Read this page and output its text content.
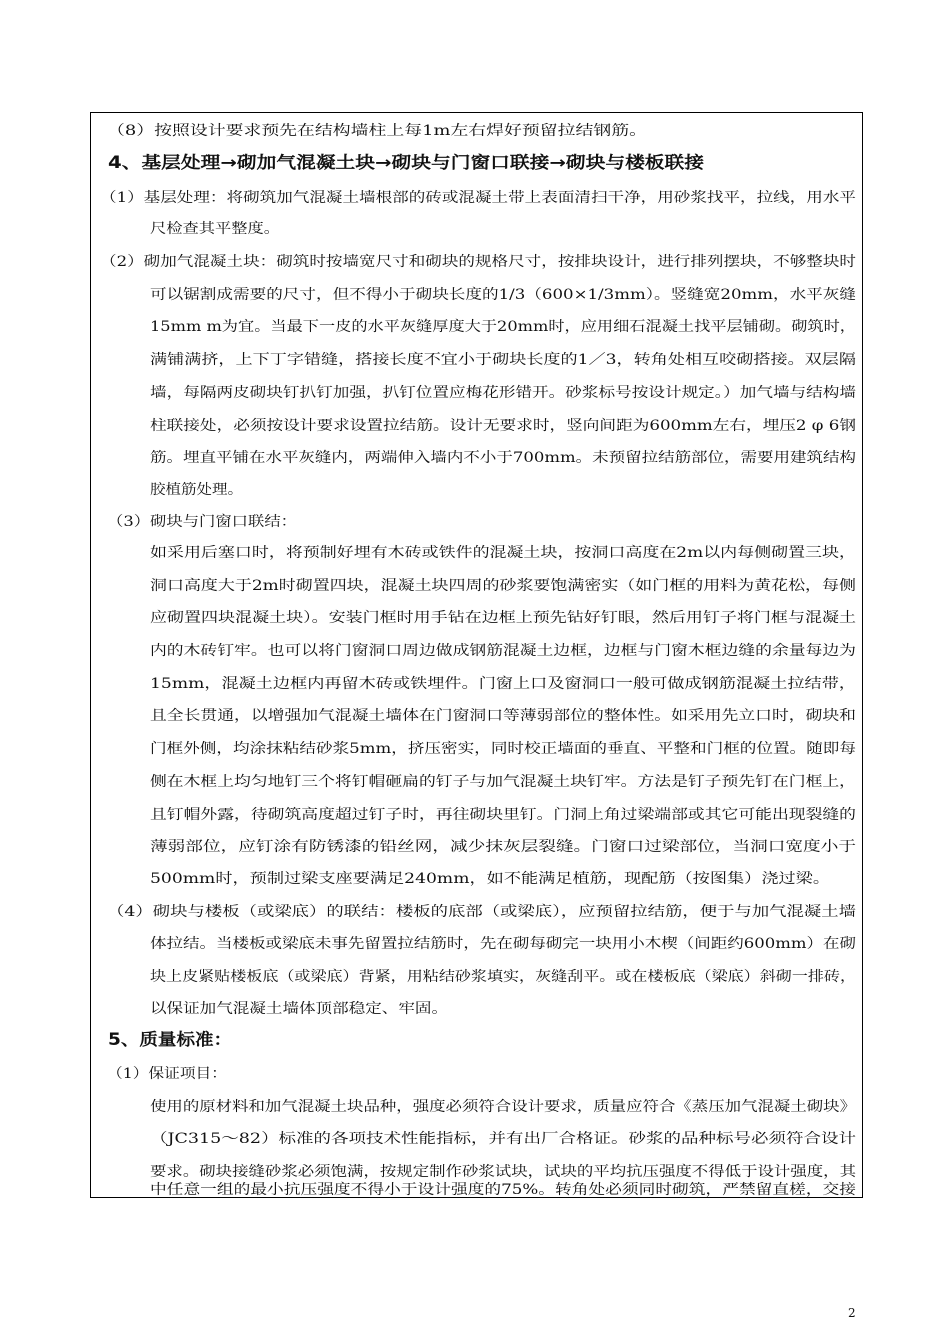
（8）按照设计要求预先在结构墙柱上每1m左右焊好预留拉结钢筋。
4、基层处理→砌加气混凝土块→砌块与门窗口联接→砌块与楼板联接
（1）基层处理：将砌筑加气混凝土墙根部的砖或混凝土带上表面清扫干净，用砂浆找平，拉线，用水平
尺检查其平整度。
（2）砌加气混凝土块：砌筑时按墙宽尺寸和砌块的规格尺寸，按排块设计，进行排列摆块，不够整块时
可以锯割成需要的尺寸，但不得小于砌块长度的1/3（600×1/3mm）。竖缝宽20mm，水平灰缝
15mm m为宜。当最下一皮的水平灰缝厚度大于20mm时，应用细石混凝土找平层铺砌。砌筑时，
满铺满挤，上下丁字错缝，搭接长度不宜小于砌块长度的1／3，转角处相互咬砌搭接。双层隔
墙，每隔两皮砌块钉扒钉加强，扒钉位置应梅花形错开。砂浆标号按设计规定。）加气墙与结构墙
柱联接处，必须按设计要求设置拉结筋。设计无要求时，竖向间距为600mm左右，埋压2 φ 6钢
筋。埋直平铺在水平灰缝内，两端伸入墙内不小于700mm。未预留拉结筋部位，需要用建筑结构
胶植筋处理。
（3）砌块与门窗口联结：
如采用后塞口时，将预制好埋有木砖或铁件的混凝土块，按洞口高度在2m以内每侧砌置三块，
洞口高度大于2m时砌置四块，混凝土块四周的砂浆要饱满密实（如门框的用料为黄花松，每侧
应砌置四块混凝土块）。安装门框时用手钻在边框上预先钻好钉眼，然后用钉子将门框与混凝土
内的木砖钉牢。也可以将门窗洞口周边做成钢筋混凝土边框，边框与门窗木框边缝的余量每边为
15mm，混凝土边框内再留木砖或铁埋件。门窗上口及窗洞口一般可做成钢筋混凝土拉结带，
且全长贯通，以增强加气混凝土墙体在门窗洞口等薄弱部位的整体性。如采用先立口时，砌块和
门框外侧，均涂抹粘结砂浆5mm，挤压密实，同时校正墙面的垂直、平整和门框的位置。随即每
侧在木框上均匀地钉三个将钉帽砸扁的钉子与加气混凝土块钉牢。方法是钉子预先钉在门框上，
且钉帽外露，待砌筑高度超过钉子时，再往砌块里钉。门洞上角过梁端部或其它可能出现裂缝的
薄弱部位，应钉涂有防锈漆的铅丝网，减少抹灰层裂缝。门窗口过梁部位，当洞口宽度小于
500mm时，预制过梁支座要满足240mm，如不能满足植筋，现配筋（按图集）浇过梁。
（4）砌块与楼板（或梁底）的联结：楼板的底部（或梁底），应预留拉结筋，便于与加气混凝土墙
体拉结。当楼板或梁底未事先留置拉结筋时，先在砌每砌完一块用小木楔（间距约600mm）在砌
块上皮紧贴楼板底（或梁底）背紧，用粘结砂浆填实，灰缝刮平。或在楼板底（梁底）斜砌一排砖，
以保证加气混凝土墙体顶部稳定、牢固。
5、质量标准：
（1）保证项目：
使用的原材料和加气混凝土块品种，强度必须符合设计要求，质量应符合《蒸压加气混凝土砌块》
（JC315～82）标准的各项技术性能指标，并有出厂合格证。砂浆的品种标号必须符合设计
要求。砌块接缝砂浆必须饱满，按规定制作砂浆试块，试块的平均抗压强度不得低于设计强度，其
中任意一组的最小抗压强度不得小于设计强度的75%。转角处必须同时砌筑，严禁留直槎，交接
2
